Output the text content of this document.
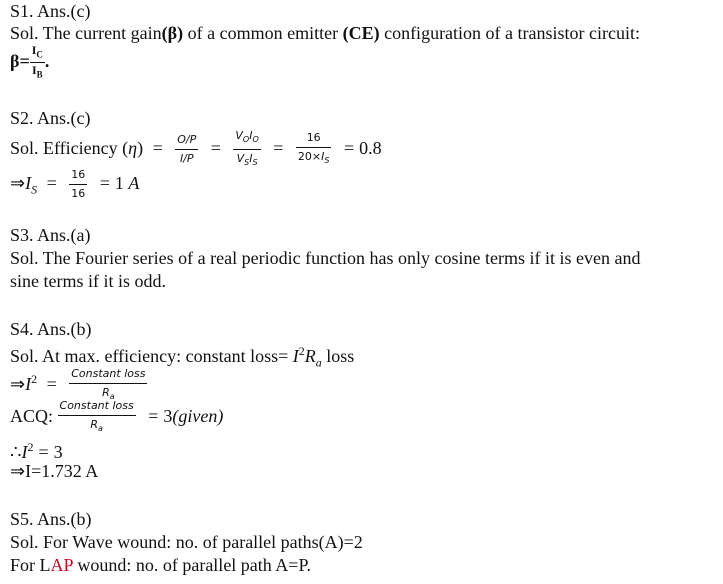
S1. Ans.(c)
Sol. The current gain(β) of a common emitter (CE) configuration of a transistor circuit:
$\beta= \frac{I_C}{I_B}$ .
S2. Ans.(c)
Sol. Efficiency $(\eta) = \frac{O/P}{I/P} = \frac{V_OI_O}{V_SI_S} = \frac{16}{20\times I_S} = 0.8$
$\Rightarrow I_S = \frac{16}{16} = 1$ A
S3. Ans.(a)
Sol. The Fourier series of a real periodic function has only cosine terms if it is even and
sine terms if it is odd.
S4. Ans.(b)
Sol. At max. efficiency: constant loss= $I^2R_a$ loss
$\Rightarrow I^2 = \frac{\text{Constant loss}}{R_a}$
ACQ: $\frac{\text{Constant loss}}{R_a}$ = 3(given)
$\therefore I^2 = 3$
⇒I=1.732 A
S5. Ans.(b)
Sol. For Wave wound: no. of parallel paths(A)=2
For LAP wound: no. of parallel path A=P.
